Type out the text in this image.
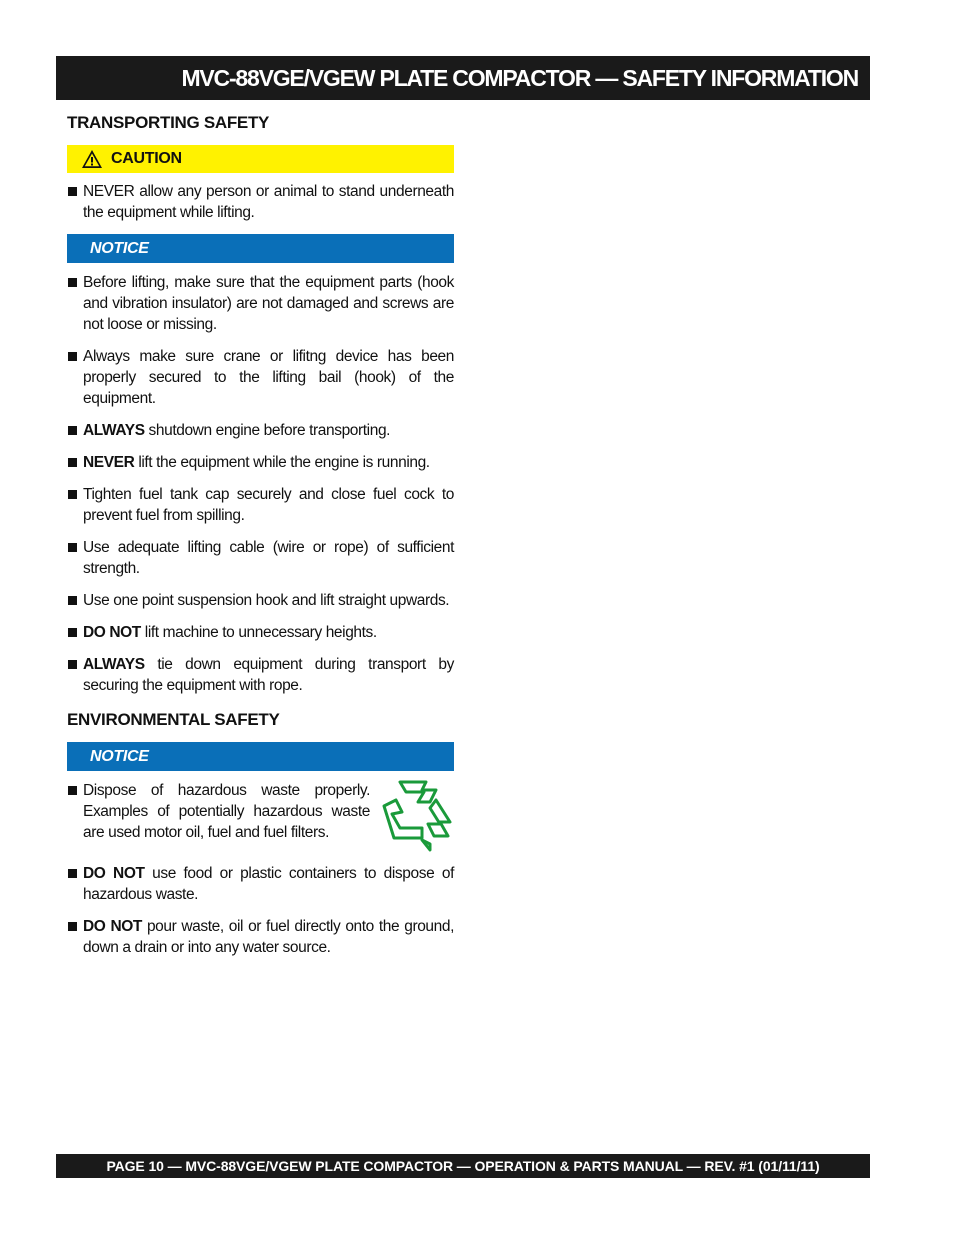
MVC-88VGE/VGEW PLATE COMPACTOR — SAFETY INFORMATION
TRANSPORTING SAFETY
CAUTION
NEVER allow any person or animal to stand underneath the equipment while lifting.
NOTICE
Before lifting, make sure that the equipment parts (hook and vibration insulator) are not damaged and screws are not loose or missing.
Always make sure crane or lifitng device has been properly secured to the lifting bail (hook) of the equipment.
ALWAYS shutdown engine before transporting.
NEVER lift the equipment while the engine is running.
Tighten fuel tank cap securely and close fuel cock to prevent fuel from spilling.
Use adequate lifting cable (wire or rope) of sufficient strength.
Use one point suspension hook and lift straight upwards.
DO NOT lift machine to unnecessary heights.
ALWAYS tie down equipment during transport by securing the equipment with rope.
ENVIRONMENTAL SAFETY
NOTICE
Dispose of hazardous waste properly. Examples of potentially hazardous waste are used motor oil, fuel and fuel filters.
DO NOT use food or plastic containers to dispose of hazardous waste.
DO NOT pour waste, oil or fuel directly onto the ground, down a drain or into any water source.
PAGE 10 — MVC-88VGE/VGEW PLATE COMPACTOR — OPERATION & PARTS MANUAL — REV. #1 (01/11/11)
